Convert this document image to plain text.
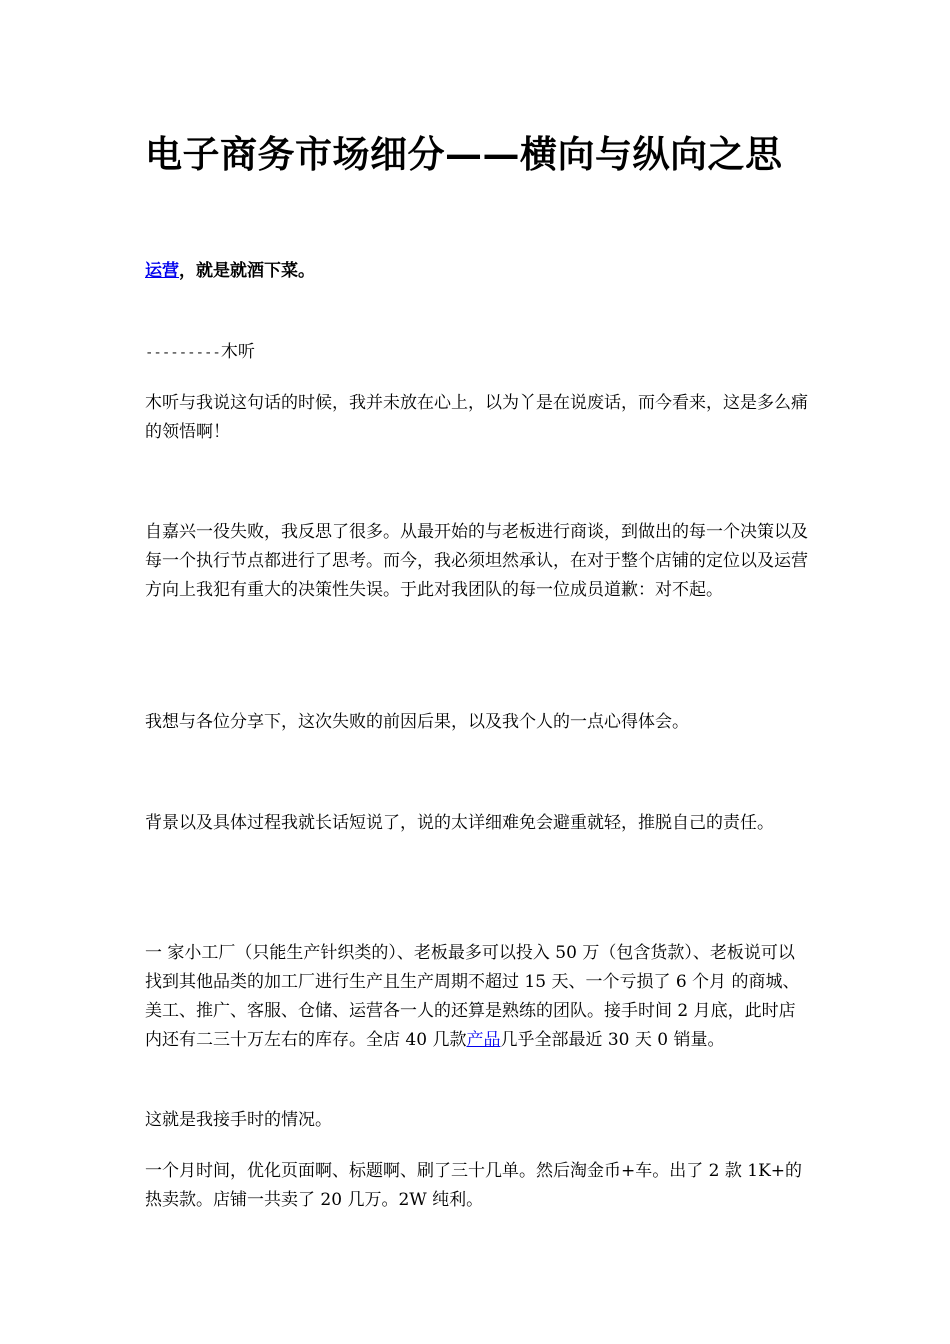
电子商务市场细分——横向与纵向之思

运营，就是就酒下菜。

---------木听

木听与我说这句话的时候，我并未放在心上，以为丫是在说废话，而今看来，这是多么痛的领悟啊！

自嘉兴一役失败，我反思了很多。从最开始的与老板进行商谈，到做出的每一个决策以及每一个执行节点都进行了思考。而今，我必须坦然承认，在对于整个店铺的定位以及运营方向上我犯有重大的决策性失误。于此对我团队的每一位成员道歉：对不起。

我想与各位分享下，这次失败的前因后果，以及我个人的一点心得体会。

背景以及具体过程我就长话短说了，说的太详细难免会避重就轻，推脱自己的责任。

一 家小工厂（只能生产针织类的）、老板最多可以投入 50 万（包含货款）、老板说可以找到其他品类的加工厂进行生产且生产周期不超过 15 天、一个亏损了 6 个月 的商城、美工、推广、客服、仓储、运营各一人的还算是熟练的团队。接手时间 2 月底，此时店内还有二三十万左右的库存。全店 40 几款产品几乎全部最近 30 天 0 销量。

这就是我接手时的情况。

一个月时间，优化页面啊、标题啊、刷了三十几单。然后淘金币+车。出了 2 款 1K+的热卖款。店铺一共卖了 20 几万。2W 纯利。
